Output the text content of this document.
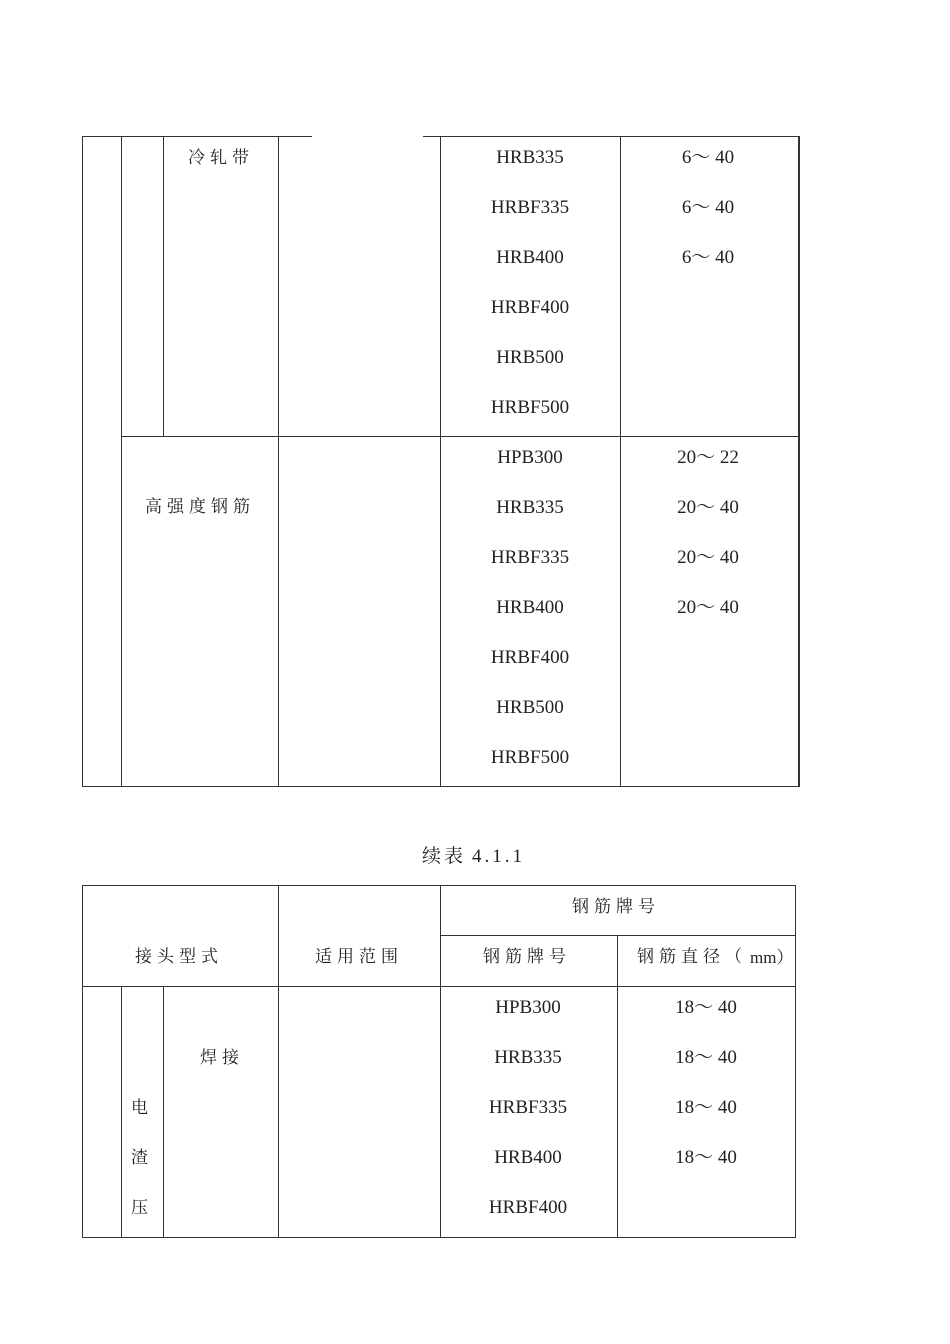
冷轧带
高强度钢筋
HRB335	6～ 40
HRBF335	6～ 40
HRB400	6～ 40
HRBF400
HRB500
HRBF500
HPB300	20～ 22
HRB335	20～ 40
HRBF335	20～ 40
HRB400	20～ 40
HRBF400
HRB500
HRBF500
续表 4.1.1
钢筋牌号
接头型式	适用范围	钢筋牌号	钢筋直径（ mm）
电
渣
压
焊接
HPB300	18～ 40
HRB335	18～ 40
HRBF335	18～ 40
HRB400	18～ 40
HRBF400
